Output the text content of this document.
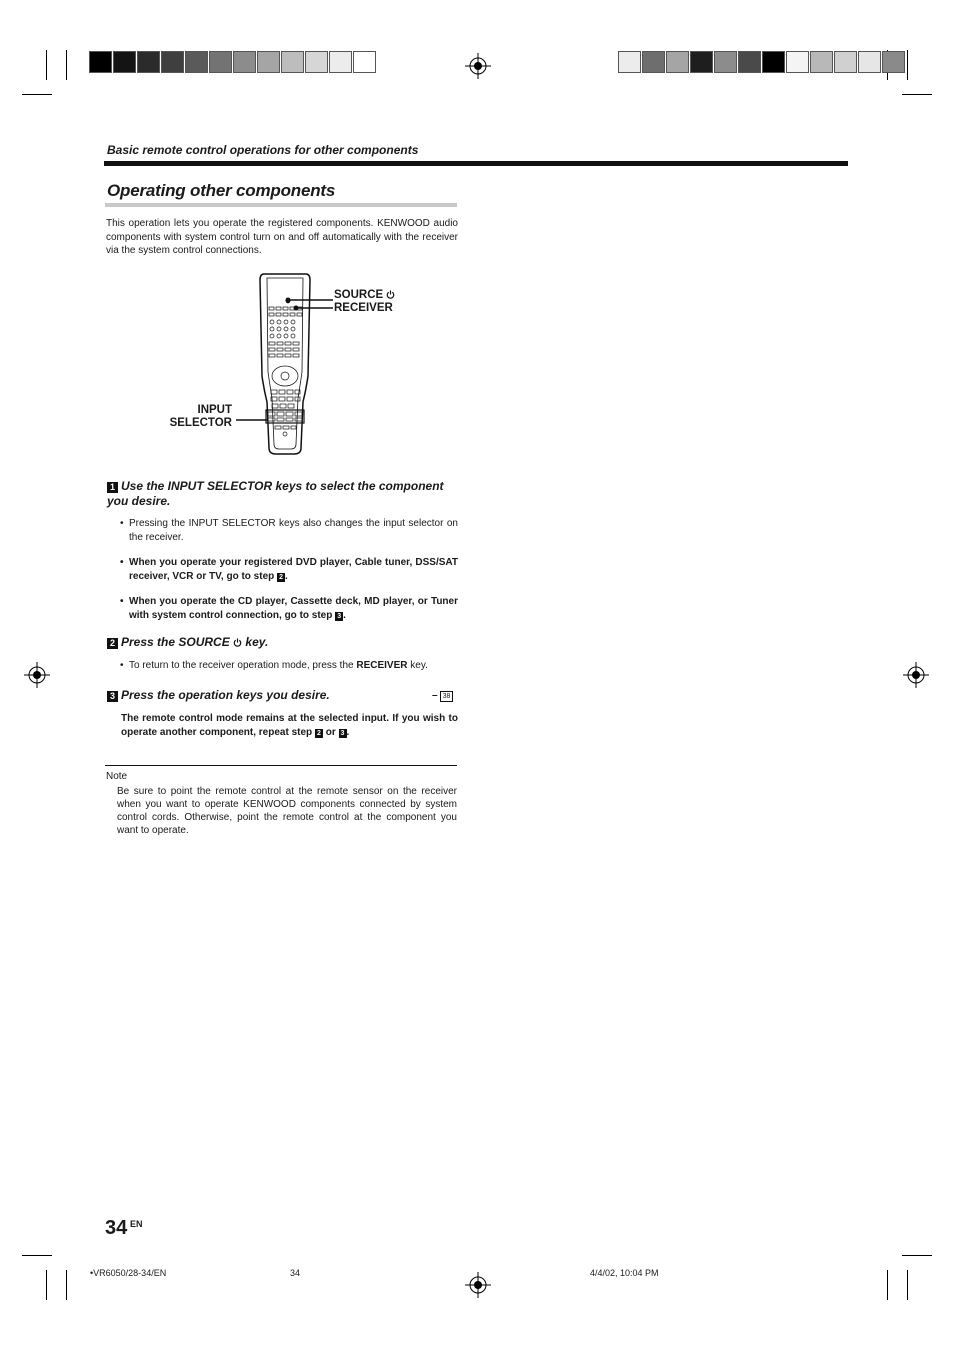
Basic remote control operations for other components
Operating other components
This operation lets you operate the registered components. KENWOOD audio components with system control turn on and off automatically with the receiver via the system control connections.
SOURCE
RECEIVER
INPUT
SELECTOR
1 Use the INPUT SELECTOR keys to select the component you desire.
• Pressing the INPUT SELECTOR keys also changes the input selector on the receiver.
• When you operate your registered DVD player, Cable tuner, DSS/SAT receiver, VCR or TV, go to step 2 .
• When you operate the CD player, Cassette deck, MD player, or Tuner with system control connection, go to step 3 .
2 Press the SOURCE key.
• To return to the receiver operation mode, press the RECEIVER key.
3 Press the operation keys you desire.	– 38
The remote control mode remains at the selected input. If you wish to operate another component, repeat step 2 or 3 .
Note
Be sure to point the remote control at the remote sensor on the receiver when you want to operate KENWOOD components connected by system control cords. Otherwise, point the remote control at the component you want to operate.
34 EN
•VR6050/28-34/EN	34	4/4/02, 10:04 PM
